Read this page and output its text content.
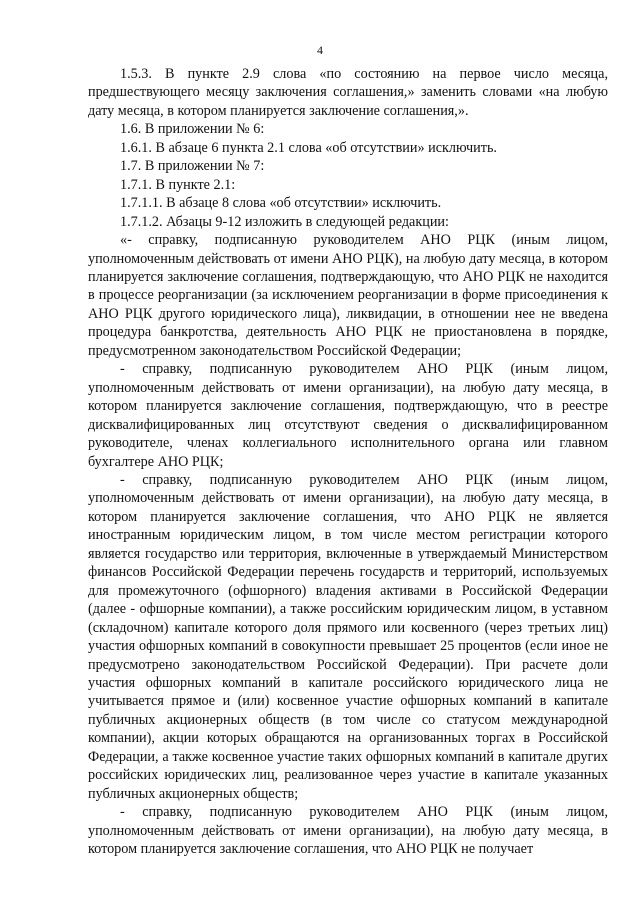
4

1.5.3. В пункте 2.9 слова «по состоянию на первое число месяца, предшествующего месяцу заключения соглашения,» заменить словами «на любую дату месяца, в котором планируется заключение соглашения,».

1.6. В приложении № 6:

1.6.1. В абзаце 6 пункта 2.1 слова «об отсутствии» исключить.

1.7. В приложении № 7:

1.7.1. В пункте 2.1:

1.7.1.1. В абзаце 8 слова «об отсутствии» исключить.

1.7.1.2. Абзацы 9-12 изложить в следующей редакции:

«- справку, подписанную руководителем АНО РЦК (иным лицом, уполномоченным действовать от имени АНО РЦК), на любую дату месяца, в котором планируется заключение соглашения, подтверждающую, что АНО РЦК не находится в процессе реорганизации (за исключением реорганизации в форме присоединения к АНО РЦК другого юридического лица), ликвидации, в отношении нее не введена процедура банкротства, деятельность АНО РЦК не приостановлена в порядке, предусмотренном законодательством Российской Федерации;

- справку, подписанную руководителем АНО РЦК (иным лицом, уполномоченным действовать от имени организации), на любую дату месяца, в котором планируется заключение соглашения, подтверждающую, что в реестре дисквалифицированных лиц отсутствуют сведения о дисквалифицированном руководителе, членах коллегиального исполнительного органа или главном бухгалтере АНО РЦК;

- справку, подписанную руководителем АНО РЦК (иным лицом, уполномоченным действовать от имени организации), на любую дату месяца, в котором планируется заключение соглашения, что АНО РЦК не является иностранным юридическим лицом, в том числе местом регистрации которого является государство или территория, включенные в утверждаемый Министерством финансов Российской Федерации перечень государств и территорий, используемых для промежуточного (офшорного) владения активами в Российской Федерации (далее - офшорные компании), а также российским юридическим лицом, в уставном (складочном) капитале которого доля прямого или косвенного (через третьих лиц) участия офшорных компаний в совокупности превышает 25 процентов (если иное не предусмотрено законодательством Российской Федерации). При расчете доли участия офшорных компаний в капитале российского юридического лица не учитывается прямое и (или) косвенное участие офшорных компаний в капитале публичных акционерных обществ (в том числе со статусом международной компании), акции которых обращаются на организованных торгах в Российской Федерации, а также косвенное участие таких офшорных компаний в капитале других российских юридических лиц, реализованное через участие в капитале указанных публичных акционерных обществ;

- справку, подписанную руководителем АНО РЦК (иным лицом, уполномоченным действовать от имени организации), на любую дату месяца, в котором планируется заключение соглашения, что АНО РЦК не получает
